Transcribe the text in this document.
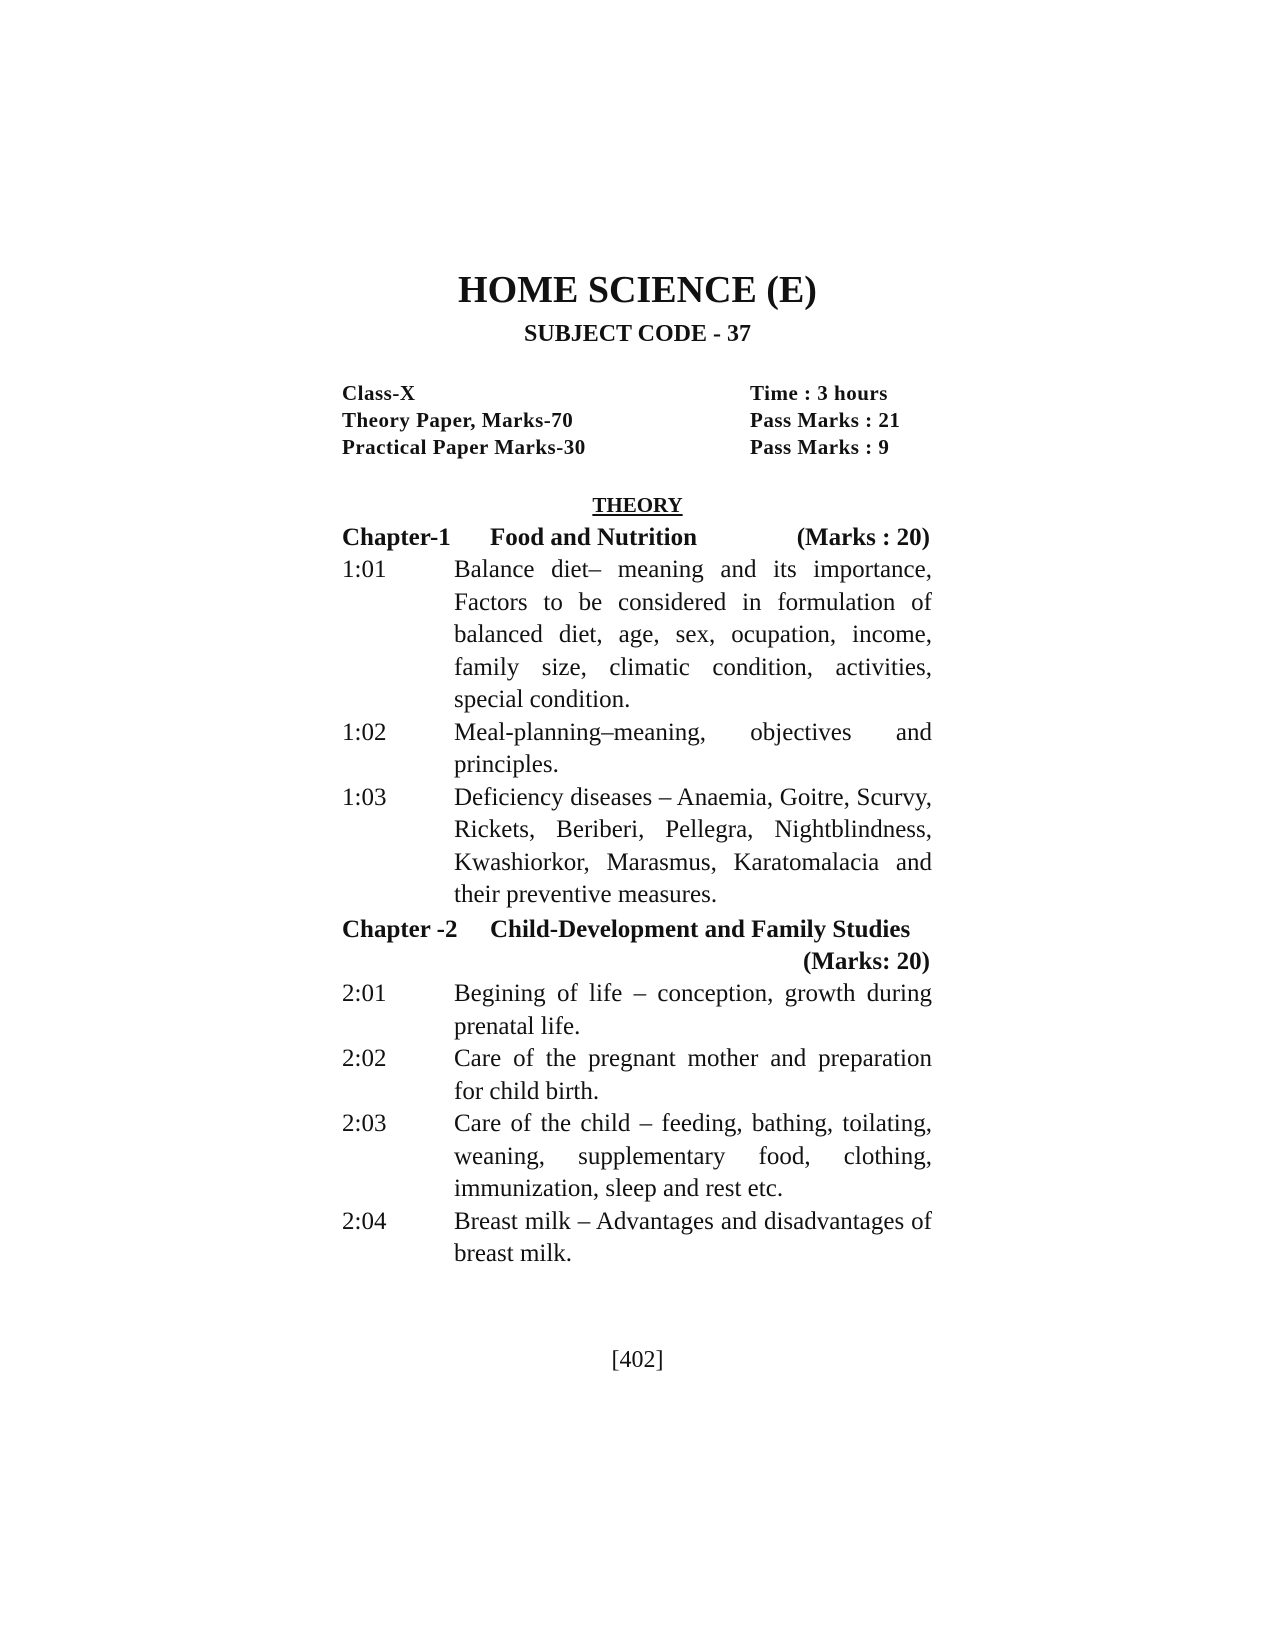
HOME SCIENCE (E)
SUBJECT CODE - 37
Class-X	Time : 3 hours
Theory Paper, Marks-70	Pass Marks : 21
Practical Paper Marks-30	Pass Marks : 9
THEORY
Chapter-1 Food and Nutrition	(Marks : 20)
1:01	Balance diet– meaning and its importance, Factors to be considered in formulation of balanced diet, age, sex, ocupation, income, family size, climatic condition, activities, special condition.
1:02	Meal-planning–meaning, objectives and principles.
1:03	Deficiency diseases – Anaemia, Goitre, Scurvy, Rickets, Beriberi, Pellegra, Nightblindness, Kwashiorkor, Marasmus, Karatomalacia and their preventive measures.
Chapter -2 Child-Development and Family Studies
(Marks: 20)
2:01	Begining of life – conception, growth during prenatal life.
2:02	Care of the pregnant mother and preparation for child birth.
2:03	Care of the child – feeding, bathing, toilating, weaning, supplementary food, clothing, immunization, sleep and rest etc.
2:04	Breast milk – Advantages and disadvantages of breast milk.
[402]
